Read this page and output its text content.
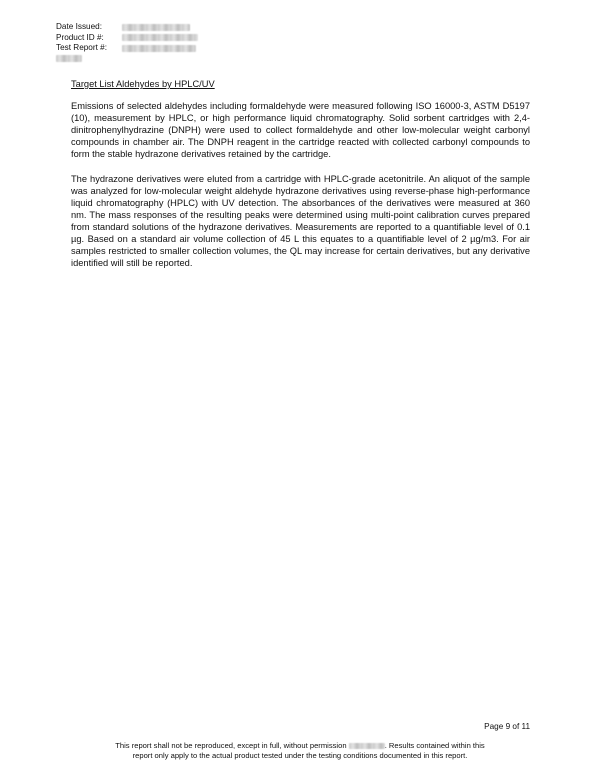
Date Issued:
Product ID #:
Test Report #:
Target List Aldehydes by HPLC/UV

Emissions of selected aldehydes including formaldehyde were measured following ISO 16000-3, ASTM D5197 (10), measurement by HPLC, or high performance liquid chromatography. Solid sorbent cartridges with 2,4-dinitrophenylhydrazine (DNPH) were used to collect formaldehyde and other low-molecular weight carbonyl compounds in chamber air. The DNPH reagent in the cartridge reacted with collected carbonyl compounds to form the stable hydrazone derivatives retained by the cartridge.

The hydrazone derivatives were eluted from a cartridge with HPLC-grade acetonitrile. An aliquot of the sample was analyzed for low-molecular weight aldehyde hydrazone derivatives using reverse-phase high-performance liquid chromatography (HPLC) with UV detection. The absorbances of the derivatives were measured at 360 nm. The mass responses of the resulting peaks were determined using multi-point calibration curves prepared from standard solutions of the hydrazone derivatives. Measurements are reported to a quantifiable level of 0.1 µg. Based on a standard air volume collection of 45 L this equates to a quantifiable level of 2 µg/m3. For air samples restricted to smaller collection volumes, the QL may increase for certain derivatives, but any derivative identified will still be reported.

Page 9 of 11
This report shall not be reproduced, except in full, without permission	. Results contained within this
report only apply to the actual product tested under the testing conditions documented in this report.
